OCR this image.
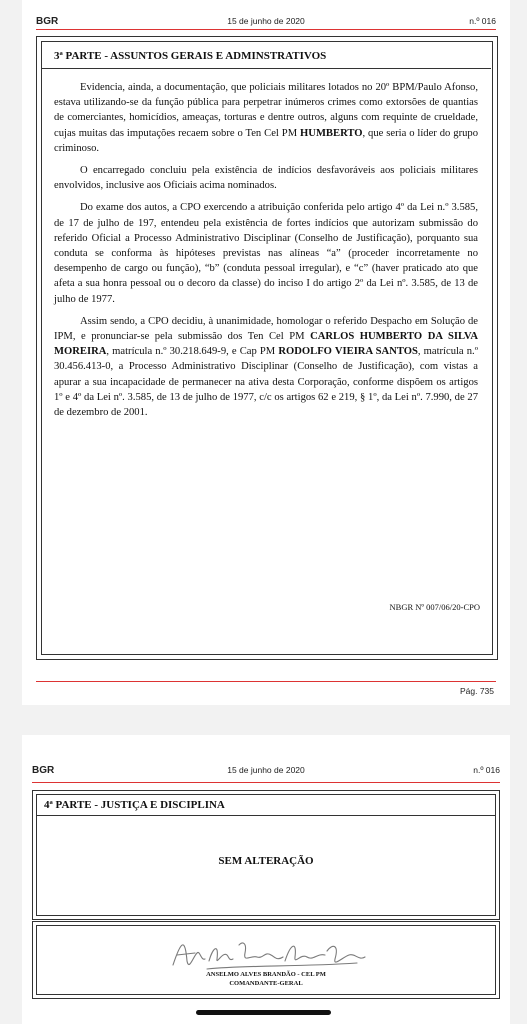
BGR	15 de junho de 2020	n.º 016
3ª PARTE - ASSUNTOS GERAIS E ADMINSTRATIVOS

Evidencia, ainda, a documentação, que policiais militares lotados no 20º BPM/Paulo Afonso, estava utilizando-se da função pública para perpetrar inúmeros crimes como extorsões de quantias de comerciantes, homicídios, ameaças, torturas e dentre outros, alguns com requinte de crueldade, cujas muitas das imputações recaem sobre o Ten Cel PM HUMBERTO, que seria o líder do grupo criminoso.

O encarregado concluiu pela existência de indícios desfavoráveis aos policiais militares envolvidos, inclusive aos Oficiais acima nominados.

Do exame dos autos, a CPO exercendo a atribuição conferida pelo artigo 4º da Lei n.º 3.585, de 17 de julho de 197, entendeu pela existência de fortes indícios que autorizam submissão do referido Oficial a Processo Administrativo Disciplinar (Conselho de Justificação), porquanto sua conduta se conforma às hipóteses previstas nas alíneas “a” (proceder incorretamente no desempenho de cargo ou função), “b” (conduta pessoal irregular), e “c” (haver praticado ato que afeta a sua honra pessoal ou o decoro da classe) do inciso I do artigo 2º da Lei nº. 3.585, de 13 de julho de 1977.

Assim sendo, a CPO decidiu, à unanimidade, homologar o referido Despacho em Solução de IPM, e pronunciar-se pela submissão dos Ten Cel PM CARLOS HUMBERTO DA SILVA MOREIRA, matrícula n.º 30.218.649-9, e Cap PM RODOLFO VIEIRA SANTOS, matrícula n.º 30.456.413-0, a Processo Administrativo Disciplinar (Conselho de Justificação), com vistas a apurar a sua incapacidade de permanecer na ativa desta Corporação, conforme dispõem os artigos 1º e 4º da Lei nº. 3.585, de 13 de julho de 1977, c/c os artigos 62 e 219, § 1º, da Lei nº. 7.990, de 27 de dezembro de 2001.

NBGR Nº 007/06/20-CPO
Pág. 735
BGR	15 de junho de 2020	n.º 016
4ª PARTE - JUSTIÇA E DISCIPLINA
SEM ALTERAÇÃO
ANSELMO ALVES BRANDÃO - CEL PM
COMANDANTE-GERAL
